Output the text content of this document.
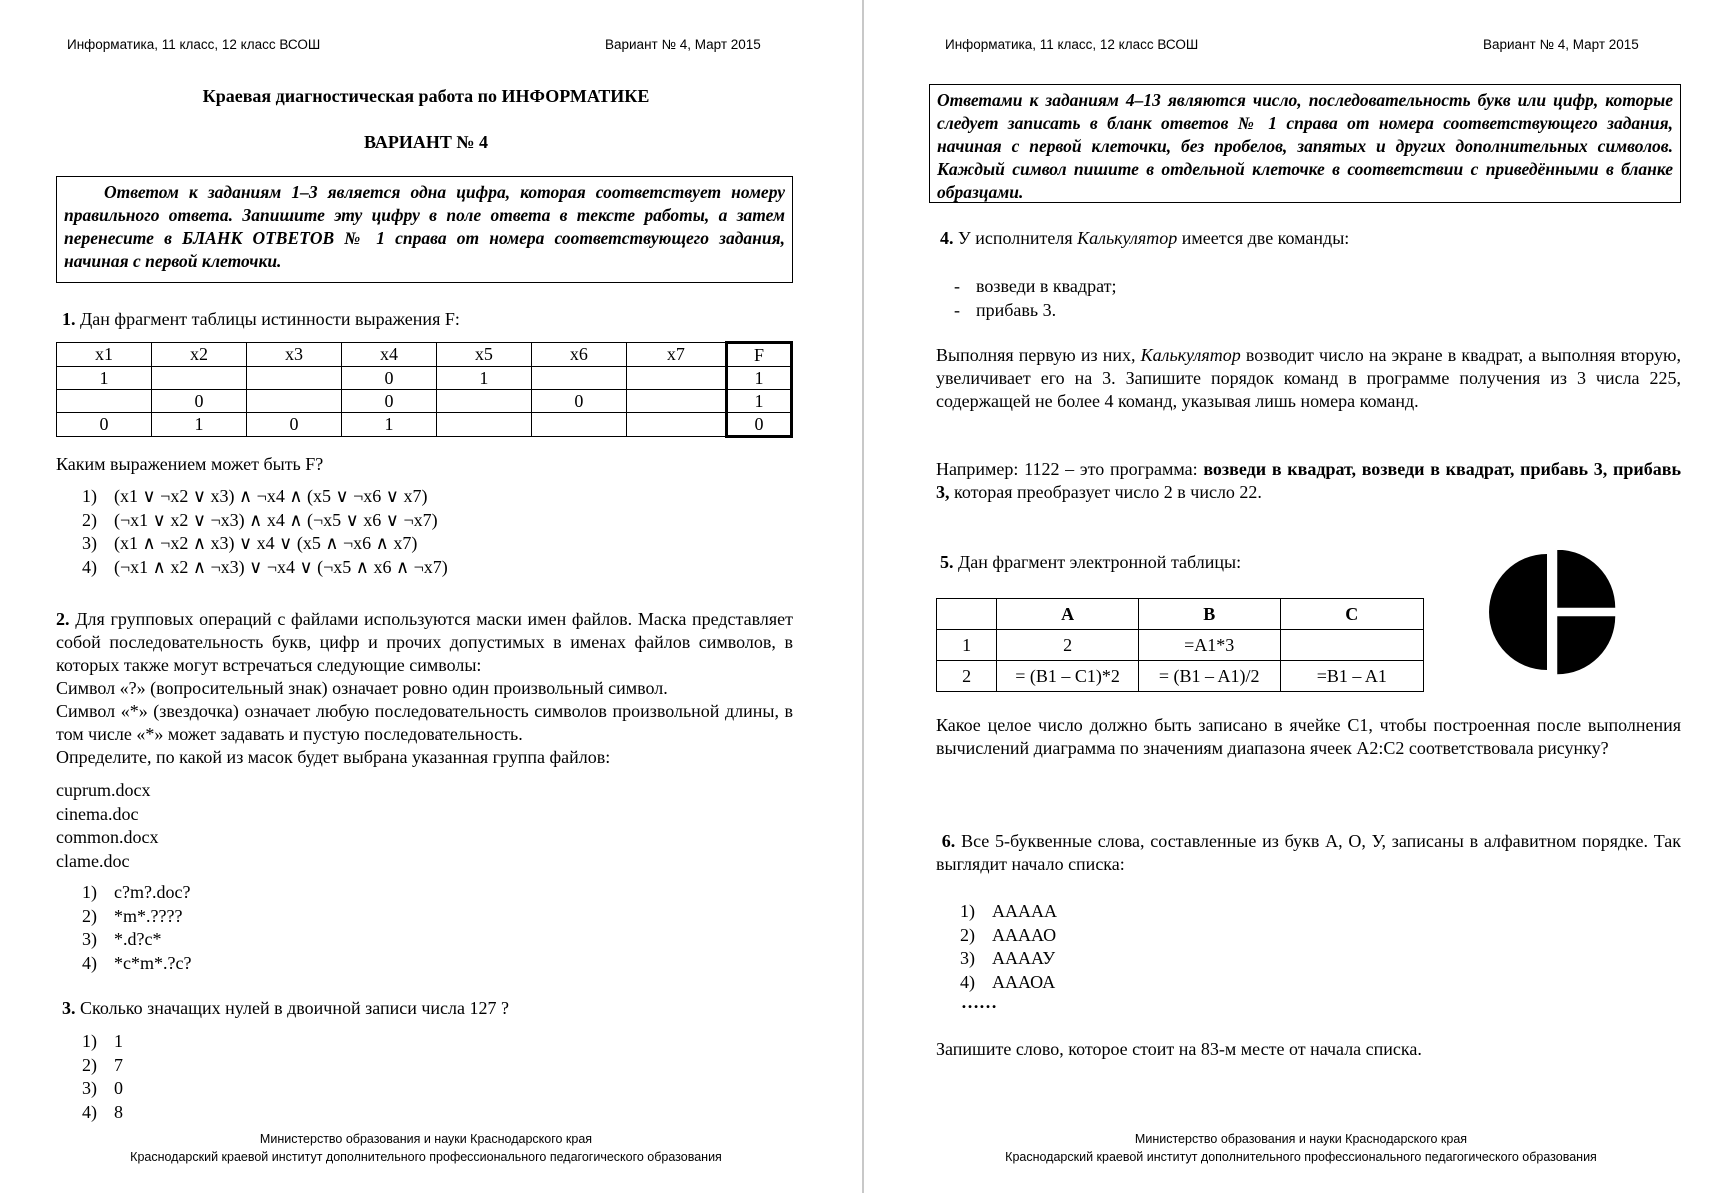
Информатика, 11 класс, 12 класс ВСОШ	Вариант № 4, Март 2015
Краевая диагностическая работа по ИНФОРМАТИКЕ
ВАРИАНТ № 4
Ответом к заданиям 1–3 является одна цифра, которая соответствует номеру правильного ответа. Запишите эту цифру в поле ответа в тексте работы, а затем перенесите в БЛАНК ОТВЕТОВ № 1 справа от номера соответствующего задания, начиная с первой клеточки.
1. Дан фрагмент таблицы истинности выражения F:
x1	x2	x3	x4	x5	x6	x7	F
1			0	1			1
	0		0		0		1
0	1	0	1				0
Каким выражением может быть F?
1) (x1 ∨ ¬x2 ∨ x3) ∧ ¬x4 ∧ (x5 ∨ ¬x6 ∨ x7)
2) (¬x1 ∨ x2 ∨ ¬x3) ∧ x4 ∧ (¬x5 ∨ x6 ∨ ¬x7)
3) (x1 ∧ ¬x2 ∧ x3) ∨ x4 ∨ (x5 ∧ ¬x6 ∧ x7)
4) (¬x1 ∧ x2 ∧ ¬x3) ∨ ¬x4 ∨ (¬x5 ∧ x6 ∧ ¬x7)
2. Для групповых операций с файлами используются маски имен файлов. Маска представляет собой последовательность букв, цифр и прочих допустимых в именах файлов символов, в которых также могут встречаться следующие символы:
Символ «?» (вопросительный знак) означает ровно один произвольный символ.
Символ «*» (звездочка) означает любую последовательность символов произвольной длины, в том числе «*» может задавать и пустую последовательность.
Определите, по какой из масок будет выбрана указанная группа файлов:
cuprum.docx
cinema.doc
common.docx
clame.doc
1) c?m?.doc?
2) *m*.????
3) *.d?c*
4) *c*m*.?c?
3. Сколько значащих нулей в двоичной записи числа 127 ?
1) 1
2) 7
3) 0
4) 8
Министерство образования и науки Краснодарского края
Краснодарский краевой институт дополнительного профессионального педагогического образования
Информатика, 11 класс, 12 класс ВСОШ	Вариант № 4, Март 2015
Ответами к заданиям 4–13 являются число, последовательность букв или цифр, которые следует записать в бланк ответов № 1 справа от номера соответствующего задания, начиная с первой клеточки, без пробелов, запятых и других дополнительных символов. Каждый символ пишите в отдельной клеточке в соответствии с приведёнными в бланке образцами.
4. У исполнителя Калькулятор имеется две команды:
- возведи в квадрат;
- прибавь 3.
Выполняя первую из них, Калькулятор возводит число на экране в квадрат, а выполняя вторую, увеличивает его на 3. Запишите порядок команд в программе получения из 3 числа 225, содержащей не более 4 команд, указывая лишь номера команд.
Например: 1122 – это программа: возведи в квадрат, возведи в квадрат, прибавь 3, прибавь 3, которая преобразует число 2 в число 22.
5. Дан фрагмент электронной таблицы:
	A	B	C
1	2	=A1*3	
2	= (B1 – C1)*2	= (B1 – A1)/2	=B1 – A1
Какое целое число должно быть записано в ячейке C1, чтобы построенная после выполнения вычислений диаграмма по значениям диапазона ячеек A2:C2 соответствовала рисунку?
6. Все 5-буквенные слова, составленные из букв А, О, У, записаны в алфавитном порядке. Так выглядит начало списка:
1) ААААА
2) ААААО
3) ААААУ
4) АААОА
……
Запишите слово, которое стоит на 83-м месте от начала списка.
Министерство образования и науки Краснодарского края
Краснодарский краевой институт дополнительного профессионального педагогического образования
